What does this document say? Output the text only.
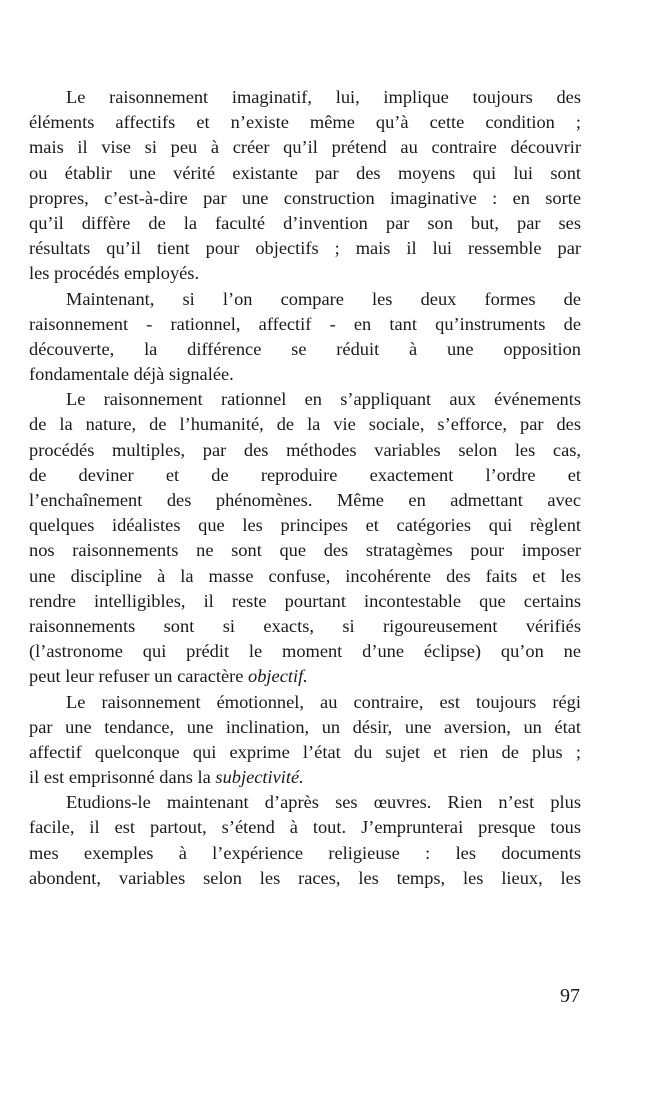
Le raisonnement imaginatif, lui, implique toujours des
éléments affectifs et n’existe même qu’à cette condition ;
mais il vise si peu à créer qu’il prétend au contraire découvrir
ou établir une vérité existante par des moyens qui lui sont
propres, c’est-à-dire par une construction imaginative : en sorte
qu’il diffère de la faculté d’invention par son but, par ses
résultats qu’il tient pour objectifs ; mais il lui ressemble par
les procédés employés.
Maintenant, si l’on compare les deux formes de
raisonnement - rationnel, affectif - en tant qu’instruments de
découverte, la différence se réduit à une opposition
fondamentale déjà signalée.
Le raisonnement rationnel en s’appliquant aux événements
de la nature, de l’humanité, de la vie sociale, s’efforce, par des
procédés multiples, par des méthodes variables selon les cas,
de deviner et de reproduire exactement l’ordre et
l’enchaînement des phénomènes. Même en admettant avec
quelques idéalistes que les principes et catégories qui règlent
nos raisonnements ne sont que des stratagèmes pour imposer
une discipline à la masse confuse, incohérente des faits et les
rendre intelligibles, il reste pourtant incontestable que certains
raisonnements sont si exacts, si rigoureusement vérifiés
(l’astronome qui prédit le moment d’une éclipse) qu’on ne
peut leur refuser un caractère objectif.
Le raisonnement émotionnel, au contraire, est toujours régi
par une tendance, une inclination, un désir, une aversion, un état
affectif quelconque qui exprime l’état du sujet et rien de plus ;
il est emprisonné dans la subjectivité.
Etudions-le maintenant d’après ses œuvres. Rien n’est plus
facile, il est partout, s’étend à tout. J’emprunterai presque tous
mes exemples à l’expérience religieuse : les documents
abondent, variables selon les races, les temps, les lieux, les
97
